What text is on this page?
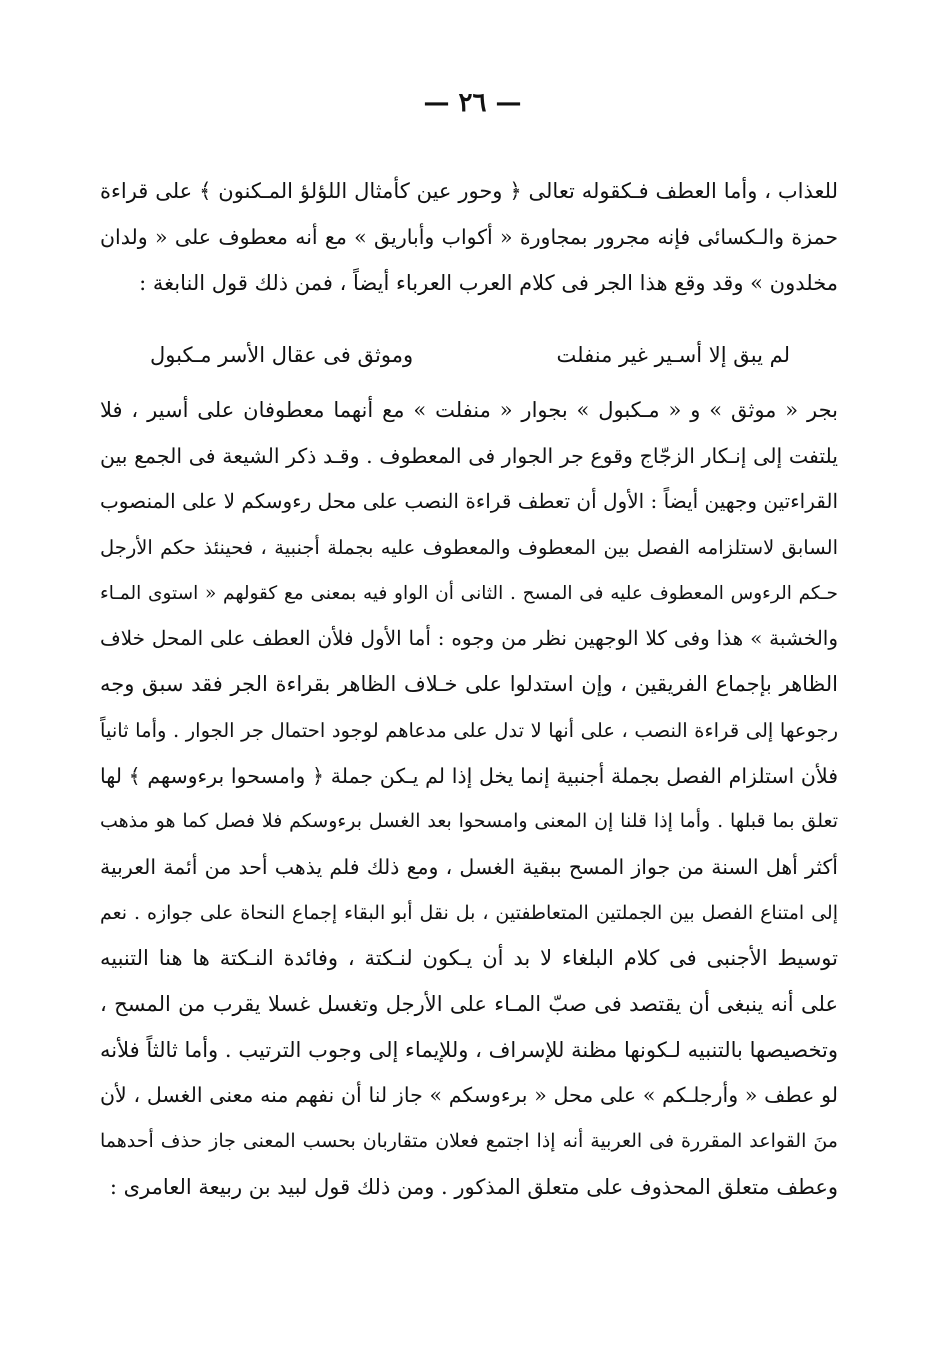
— ٢٦ —
للعذاب ، وأما العطف فـكقوله تعالى ﴿ وحور عين كأمثال اللؤلؤ المـكنون ﴾ على قراءة
حمزة والـكسائى فإنه مجرور بمجاورة « أكواب وأباريق » مع أنه معطوف على « ولدان
مخلدون » وقد وقع هذا الجر فى كلام العرب العرباء أيضاً ، فمن ذلك قول النابغة :
لم يبق إلا أسـير غير منفلت
وموثق فى عقال الأسر مـكبول
بجر « موثق » و « مـكبول » بجوار « منفلت » مع أنهما معطوفان على أسير ، فلا
يلتفت إلى إنـكار الزجّاج وقوع جر الجوار فى المعطوف . وقـد ذكر الشيعة فى الجمع بين
القراءتين وجهين أيضاً : الأول أن تعطف قراءة النصب على محل رءوسكم لا على المنصوب
السابق لاستلزامه الفصل بين المعطوف والمعطوف عليه بجملة أجنبية ، فحينئذ حكم الأرجل
حـكم الرءوس المعطوف عليه فى المسح . الثانى أن الواو فيه بمعنى مع كقولهم « استوى المـاء
والخشبة » هذا وفى كلا الوجهين نظر من وجوه : أما الأول فلأن العطف على المحل خلاف
الظاهر بإجماع الفريقين ، وإن استدلوا على خـلاف الظاهر بقراءة الجر فقد سبق وجه
رجوعها إلى قراءة النصب ، على أنها لا تدل على مدعاهم لوجود احتمال جر الجوار . وأما ثانياً
فلأن استلزام الفصل بجملة أجنبية إنما يخل إذا لم يـكن جملة ﴿ وامسحوا برءوسهم ﴾ لها
تعلق بما قبلها . وأما إذا قلنا إن المعنى وامسحوا بعد الغسل برءوسكم فلا فصل كما هو مذهب
أكثر أهل السنة من جواز المسح ببقية الغسل ، ومع ذلك فلم يذهب أحد من أئمة العربية
إلى امتناع الفصل بين الجملتين المتعاطفتين ، بل نقل أبو البقاء إجماع النحاة على جوازه . نعم
توسيط الأجنبى فى كلام البلغاء لا بد أن يـكون لنـكتة ، وفائدة النـكتة ها هنا التنبيه
على أنه ينبغى أن يقتصد فى صبّ المـاء على الأرجل وتغسل غسلا يقرب من المسح ،
وتخصيصها بالتنبيه لـكونها مظنة للإسراف ، وللإيماء إلى وجوب الترتيب . وأما ثالثاً فلأنه
لو عطف « وأرجلـكم » على محل « برءوسكم » جاز لنا أن نفهم منه معنى الغسل ، لأن
منَ القواعد المقررة فى العربية أنه إذا اجتمع فعلان متقاربان بحسب المعنى جاز حذف أحدهما
وعطف متعلق المحذوف على متعلق المذكور . ومن ذلك قول لبيد بن ربيعة العامرى :
